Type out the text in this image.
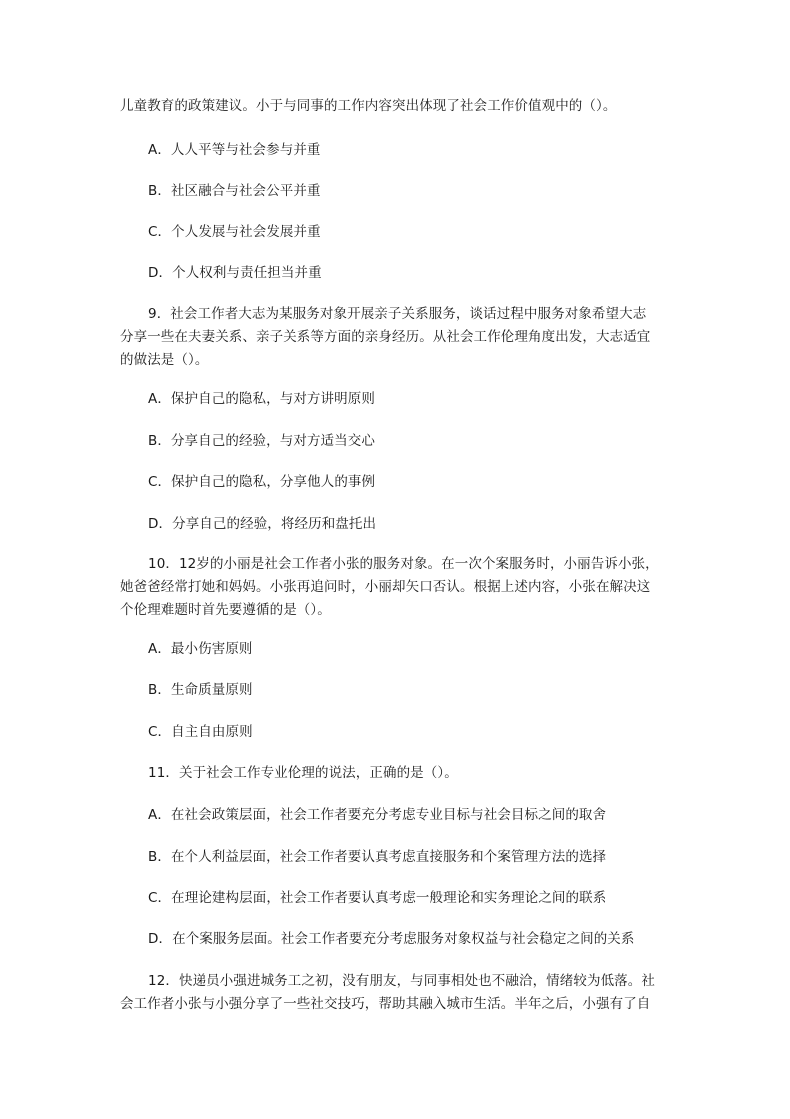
儿童教育的政策建议。小于与同事的工作内容突出体现了社会工作价值观中的（）。
A．人人平等与社会参与并重
B．社区融合与社会公平并重
C．个人发展与社会发展并重
D．个人权利与责任担当并重
9．社会工作者大志为某服务对象开展亲子关系服务，谈话过程中服务对象希望大志
分享一些在夫妻关系、亲子关系等方面的亲身经历。从社会工作伦理角度出发，大志适宜
的做法是（）。
A．保护自己的隐私，与对方讲明原则
B．分享自己的经验，与对方适当交心
C．保护自己的隐私，分享他人的事例
D．分享自己的经验，将经历和盘托出
10．12岁的小丽是社会工作者小张的服务对象。在一次个案服务时，小丽告诉小张，
她爸爸经常打她和妈妈。小张再追问时，小丽却矢口否认。根据上述内容，小张在解决这
个伦理难题时首先要遵循的是（）。
A．最小伤害原则
B．生命质量原则
C．自主自由原则
11．关于社会工作专业伦理的说法，正确的是（）。
A．在社会政策层面，社会工作者要充分考虑专业目标与社会目标之间的取舍
B．在个人利益层面，社会工作者要认真考虑直接服务和个案管理方法的选择
C．在理论建构层面，社会工作者要认真考虑一般理论和实务理论之间的联系
D．在个案服务层面。社会工作者要充分考虑服务对象权益与社会稳定之间的关系
12．快递员小强进城务工之初，没有朋友，与同事相处也不融洽，情绪较为低落。社
会工作者小张与小强分享了一些社交技巧，帮助其融入城市生活。半年之后，小强有了自
